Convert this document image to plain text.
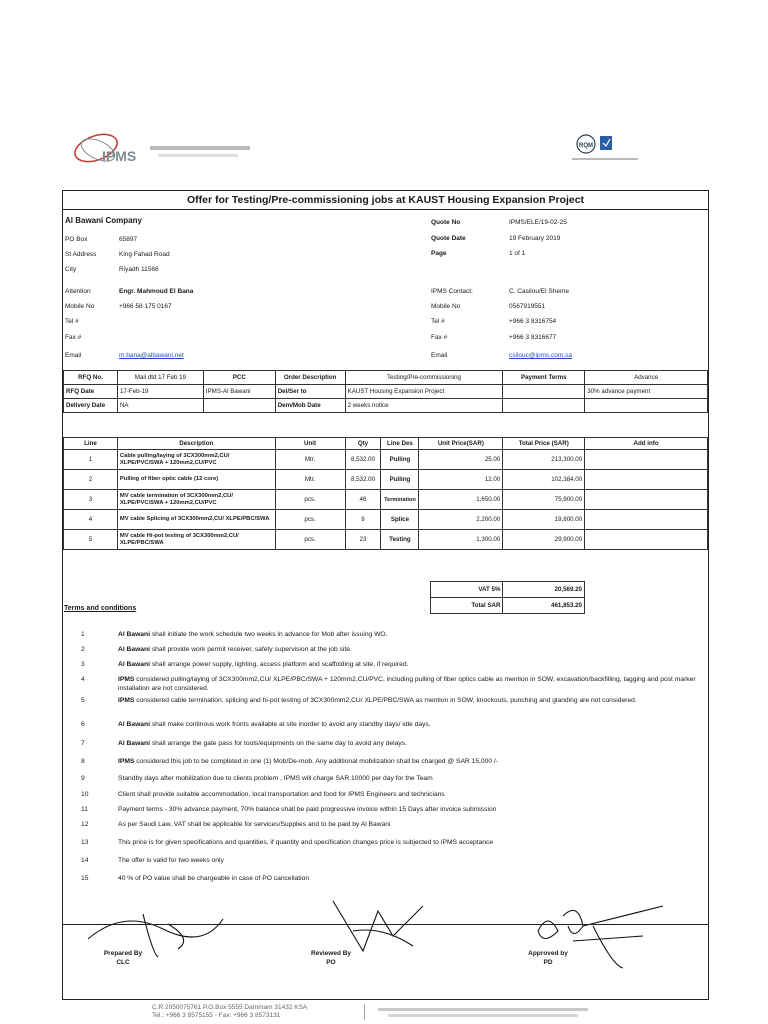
IPMS
RQM
Offer for Testing/Pre-commissioning jobs at KAUST Housing Expansion Project
Al Bawani Company
PO Box	65897
St Address	King Fahad Road
City	Riyadh 11566
Attention	Engr. Mahmoud El Bana
Mobile No	+966 58 175 0167
Tel #
Fax #
Email	m.bana@albawani.net
Quote No	IPMS/ELE/19-02-25
Quote Date	19 February 2019
Page	1 of 1
IPMS Contact:	C. Casilou/El Sheme
Mobile No	0567919551
Tel #	+966 3 8316754
Fax #	+966 3 8316677
Email	csilouc@ipms.com.sa
RFQ No.	Mail dtd 17 Feb 19	PCC	Order Description	Testing/Pre-commissioning	Payment Terms	Advance
RFQ Date	17-Feb-19	IPMS-Al Bawani	Del/Ser to	KAUST Housing Expansion Project		30% advance payment
Delivery Date	NA		Dem/Mob Date	2 weeks notice		
Line	Description	Unit	Qty	Line Des	Unit Price(SAR)	Total Price (SAR)	Add info
1	Cable pulling/laying of 3CX300mm2,CU/ XLPE/PVC/SWA + 120mm2,CU/PVC	Mtr.	8,532.00	Pulling	25.00	213,300.00	
2	Pulling of fiber optic cable (12 core)	Mtr.	8,532.00	Pulling	12.00	102,384.00	
3	MV cable termination of 3CX300mm2,CU/ XLPE/PVC/SWA + 120mm2,CU/PVC	pcs.	46	Termination	1,650.00	75,900.00	
4	MV cable Splicing of 3CX300mm2,CU/ XLPE/PBC/SWA	pcs.	9	Splice	2,200.00	19,800.00	
5	MV cable Hi-pot testing of 3CX300mm2,CU/ XLPE/PBC/SWA	pcs.	23	Testing	1,300.00	29,900.00	
VAT 5%	20,569.20
Total SAR	461,853.20
Terms and conditions
1	Al Bawani shall initiate the work schedule two weeks in advance for Mob after issuing WO.
2	Al Bawani shall provide work permit receiver, safety supervision at the job site.
3	Al Bawani shall arrange power supply, lighting, access platform and scaffolding at site, if required.
4	IPMS considered pulling/laying of 3CX300mm2,CU/ XLPE/PBC/SWA + 120mm2,CU/PVC, including pulling of fiber optics cable as mention in SOW, excavation/backfilling, tagging and post marker installation are not considered.
5	IPMS considered cable termination, splicing and hi-pot testing of 3CX300mm2,CU/ XLPE/PBC/SWA as mention in SOW, knockouts, punching and glanding are not considered.
6	Al Bawani shall make continous work fronts available at site inorder to avoid any standby days/ idle days.
7	Al Bawani shall arrange the gate pass for tools/equipments on the same day to avoid any delays.
8	IPMS considered this job to be completed in one (1) Mob/De-mob. Any additional mobilization shall be charged @ SAR 15,000 /-
9	Standby days after mobilization due to clients problem , IPMS will charge SAR 10000 per day for the Team
10	Client shall provide suitable accommodation, local transportation and food for IPMS Engineers and technicians
11	Payment terms - 30% advance payment, 70% balance shall be paid progressive invoice within 15 Days after invoice submission
12	As per Saudi Law, VAT shall be applicable for services/Supplies and to be paid by Al Bawani
13	This price is for given specifications and quantities, if quantity and specification changes price is subjected to IPMS acceptance
14	The offer is valid for two weeks only
15	40 % of PO value shall be chargeable in case of PO cancellation
Prepared By
CLC
Reviewed By
PO
Approved by
PD
C.R 2050075761 P.O.Box 5555 Dammam 31432 KSA
Tel.: +966 3 8575155 - Fax: +966 3 8573131
